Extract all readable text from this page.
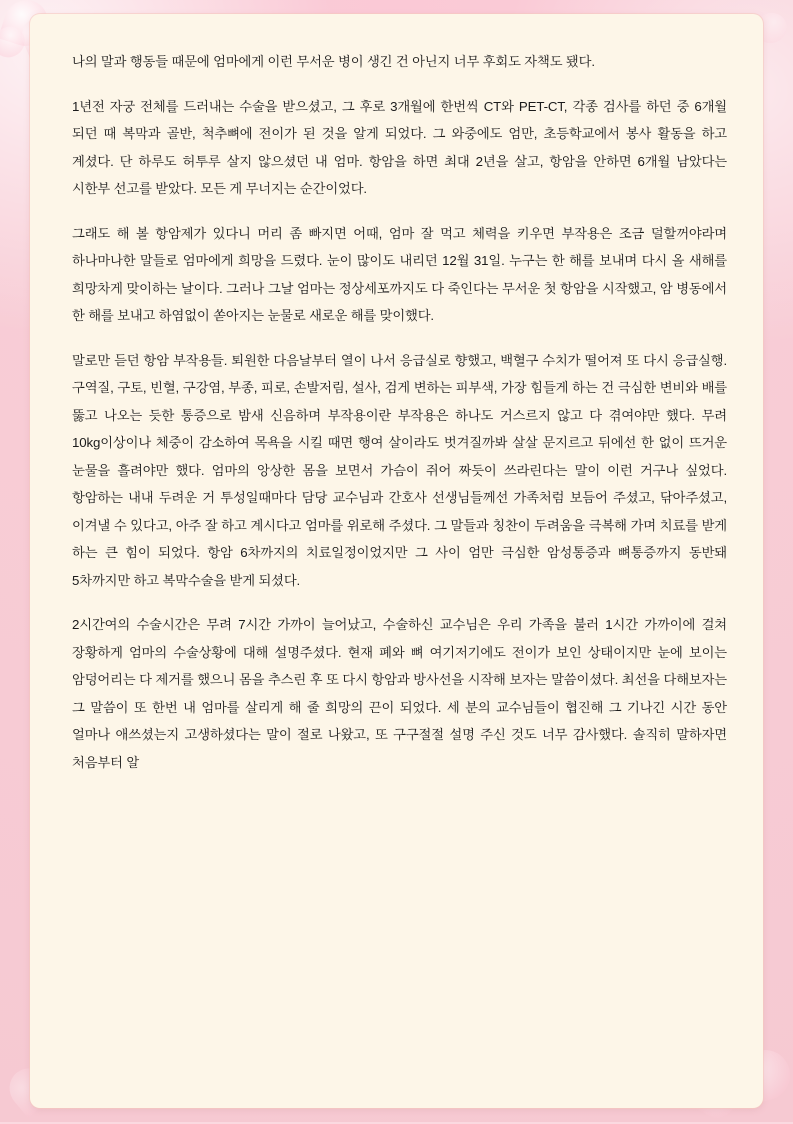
나의 말과 행동들 때문에 엄마에게 이런 무서운 병이 생긴 건 아닌지 너무 후회도 자책도 됐다.

1년전 자궁 전체를 드러내는 수술을 받으셨고, 그 후로 3개월에 한번씩 CT와 PET-CT, 각종 검사를 하던 중 6개월 되던 때 복막과 골반, 척추뼈에 전이가 된 것을 알게 되었다. 그 와중에도 엄만, 초등학교에서 봉사 활동을 하고 계셨다. 단 하루도 허투루 살지 않으셨던 내 엄마. 항암을 하면 최대 2년을 살고, 항암을 안하면 6개월 남았다는 시한부 선고를 받았다. 모든 게 무너지는 순간이었다.

그래도 해 볼 항암제가 있다니 머리 좀 빠지면 어때, 엄마 잘 먹고 체력을 키우면 부작용은 조금 덜할꺼야라며 하나마나한 말들로 엄마에게 희망을 드렸다. 눈이 많이도 내리던 12월 31일. 누구는 한 해를 보내며 다시 올 새해를 희망차게 맞이하는 날이다. 그러나 그날 엄마는 정상세포까지도 다 죽인다는 무서운 첫 항암을 시작했고, 암 병동에서 한 해를 보내고 하염없이 쏟아지는 눈물로 새로운 해를 맞이했다.

말로만 듣던 항암 부작용들. 퇴원한 다음날부터 열이 나서 응급실로 향했고, 백혈구 수치가 떨어져 또 다시 응급실행. 구역질, 구토, 빈혈, 구강염, 부종, 피로, 손발저림, 설사, 검게 변하는 피부색, 가장 힘들게 하는 건 극심한 변비와 배를 뚫고 나오는 듯한 통증으로 밤새 신음하며 부작용이란 부작용은 하나도 거스르지 않고 다 겪여야만 했다. 무려 10kg이상이나 체중이 감소하여 목욕을 시킬 때면 행여 살이라도 벗겨질까봐 살살 문지르고 뒤에선 한 없이 뜨거운 눈물을 흘려야만 했다. 엄마의 앙상한 몸을 보면서 가슴이 쥐어 짜듯이 쓰라린다는 말이 이런 거구나 싶었다. 항암하는 내내 두려운 거 투성일때마다 담당 교수님과 간호사 선생님들께선 가족처럼 보듬어 주셨고, 닦아주셨고, 이겨낼 수 있다고, 아주 잘 하고 계시다고 엄마를 위로해 주셨다. 그 말들과 칭찬이 두려움을 극복해 가며 치료를 받게 하는 큰 힘이 되었다. 항암 6차까지의 치료일정이었지만 그 사이 엄만 극심한 암성통증과 뼈통증까지 동반돼 5차까지만 하고 복막수술을 받게 되셨다.

2시간여의 수술시간은 무려 7시간 가까이 늘어났고, 수술하신 교수님은 우리 가족을 불러 1시간 가까이에 걸쳐 장황하게 엄마의 수술상황에 대해 설명주셨다. 현재 폐와 뼈 여기저기에도 전이가 보인 상태이지만 눈에 보이는 암덩어리는 다 제거를 했으니 몸을 추스린 후 또 다시 항암과 방사선을 시작해 보자는 말씀이셨다. 최선을 다해보자는 그 말씀이 또 한번 내 엄마를 살리게 해 줄 희망의 끈이 되었다. 세 분의 교수님들이 협진해 그 기나긴 시간 동안 얼마나 애쓰셨는지 고생하셨다는 말이 절로 나왔고, 또 구구절절 설명 주신 것도 너무 감사했다. 솔직히 말하자면 처음부터 알
